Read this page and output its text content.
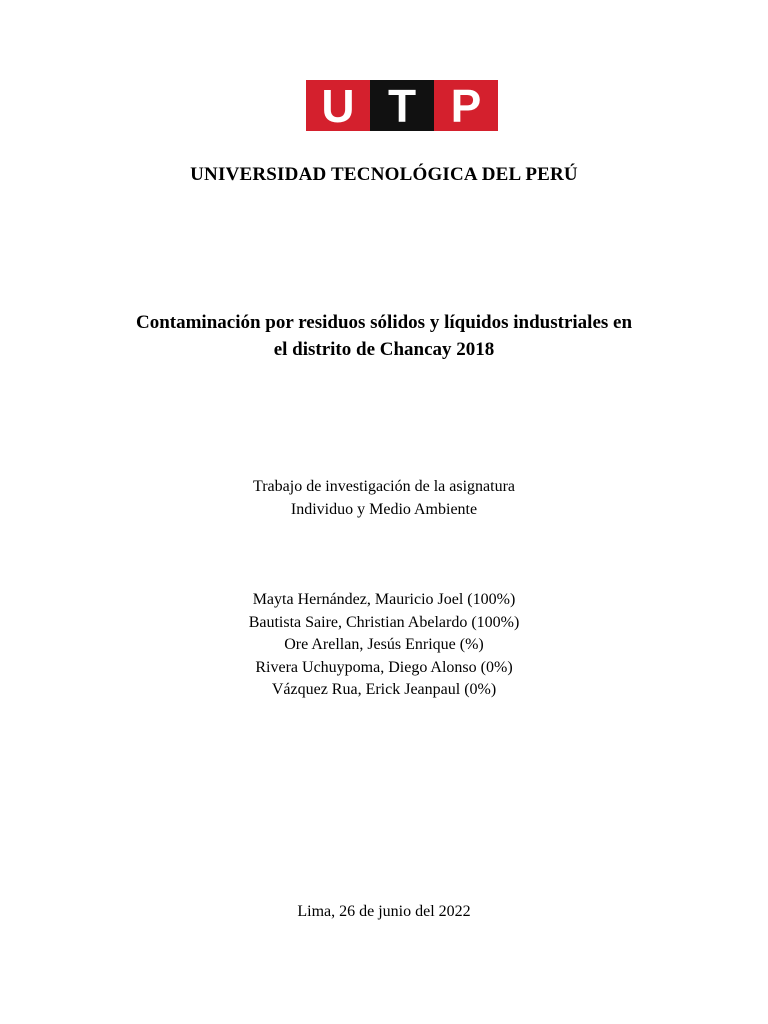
U T P
UNIVERSIDAD TECNOLÓGICA DEL PERÚ
Contaminación por residuos sólidos y líquidos industriales en
el distrito de Chancay 2018
Trabajo de investigación de la asignatura
Individuo y Medio Ambiente
Mayta Hernández, Mauricio Joel (100%)
Bautista Saire, Christian Abelardo (100%)
Ore Arellan, Jesús Enrique (%)
Rivera Uchuypoma, Diego Alonso (0%)
Vázquez Rua, Erick Jeanpaul (0%)
Lima, 26 de junio del 2022
